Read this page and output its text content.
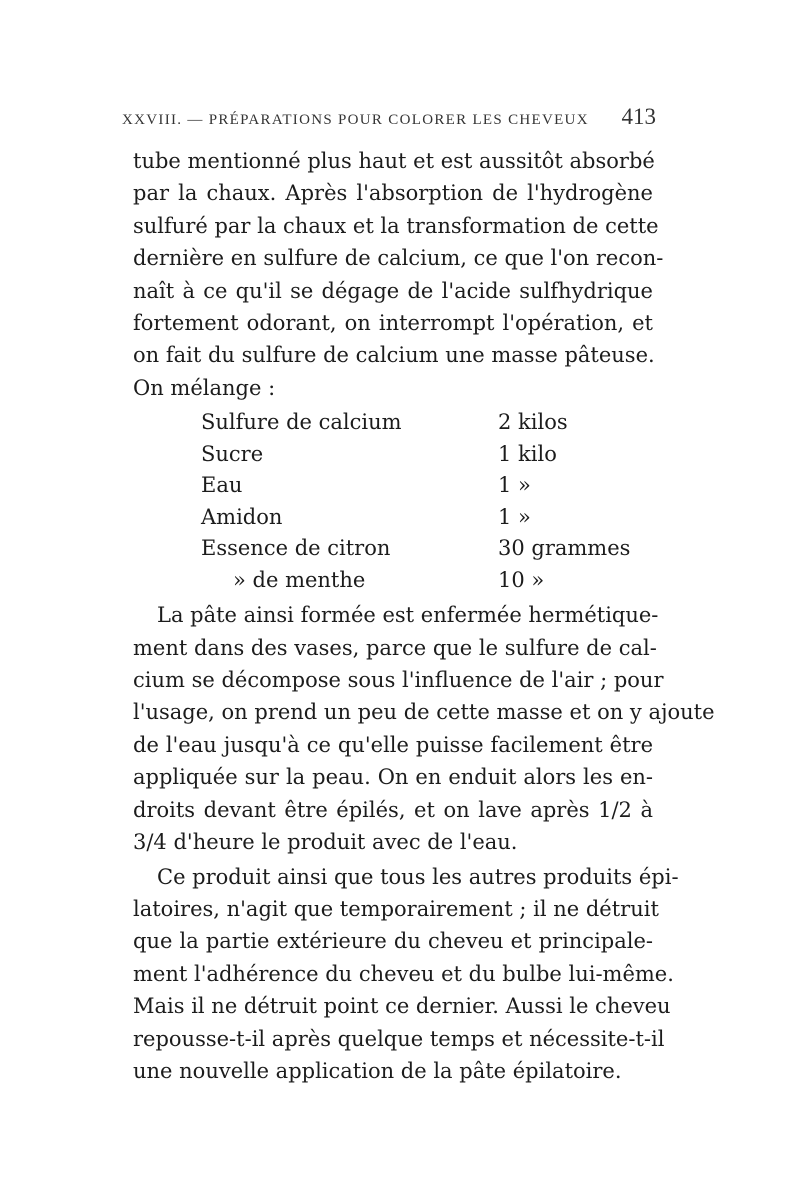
XXVIII. — PRÉPARATIONS POUR COLORER LES CHEVEUX 413
tube mentionné plus haut et est aussitôt absorbé
par la chaux. Après l'absorption de l'hydrogène
sulfuré par la chaux et la transformation de cette
dernière en sulfure de calcium, ce que l'on recon-
naît à ce qu'il se dégage de l'acide sulfhydrique
fortement odorant, on interrompt l'opération, et
on fait du sulfure de calcium une masse pâteuse.
On mélange :
Sulfure de calcium	2 kilos
Sucre	1 kilo
Eau	1 »
Amidon	1 »
Essence de citron	30 grammes
» de menthe	10 »
La pâte ainsi formée est enfermée hermétique-
ment dans des vases, parce que le sulfure de cal-
cium se décompose sous l'influence de l'air ; pour
l'usage, on prend un peu de cette masse et on y ajoute
de l'eau jusqu'à ce qu'elle puisse facilement être
appliquée sur la peau. On en enduit alors les en-
droits devant être épilés, et on lave après 1/2 à
3/4 d'heure le produit avec de l'eau.
Ce produit ainsi que tous les autres produits épi-
latoires, n'agit que temporairement ; il ne détruit
que la partie extérieure du cheveu et principale-
ment l'adhérence du cheveu et du bulbe lui-même.
Mais il ne détruit point ce dernier. Aussi le cheveu
repousse-t-il après quelque temps et nécessite-t-il
une nouvelle application de la pâte épilatoire.
